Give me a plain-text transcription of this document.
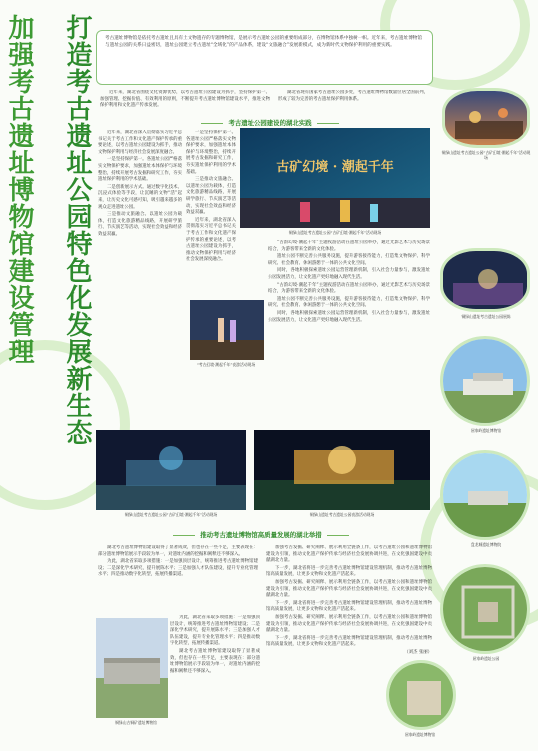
打造考古遗址公园特色化发展新生态
加强考古遗址博物馆建设管理	考古遗址博物馆是依托考古遗址且具有土文物遗存的专题博物馆，是展示考古遗址公园的重要组成部分，在博物馆体系中独树一帜。近年来，考古遗址博物馆与遗址公园的关系日益密切，遗址公园建立考古遗址“全域化”的产品体系，建设“文旅融合”发展新模式，成为新时代文物保护利用的重要实践。

近年来，湖北省围绕文化资源优势，以考古遗址公园建设为抓手，坚持保护第一、加强管理、挖掘价值、有效利用的原则，不断提升考古遗址博物馆建设水平，推进文物保护利用和文化遗产传承发展。

湖北省现有国家考古遗址公园多处，考古遗址博物馆数量位居全国前列，形成了较为完善的考古遗址保护利用体系。

铜绿山遗址考古遗址公园“古矿幻境·潮起千年”活动现场
考古遗址公园建设的湖北实践

近年来，湖北省深入贯彻落实习近平总书记关于考古工作和文化遗产保护传承的重要论述，以考古遗址公园建设为抓手，推动文物保护利用与经济社会发展深度融合。

一是坚持保护第一。各遗址公园严格落实文物保护要求，加强遗址本体保护与环境整治，持续开展考古发掘和研究工作，夯实遗址保护利用的学术基础。

二是创新展示方式。通过数字化技术、沉浸式体验等手段，让沉睡的文物“活”起来，让历史文化可感可知，吸引越来越多的观众走进遗址公园。

三是推动文旅融合。以遗址公园为载体，打造文化旅游精品线路，开展研学旅行、节庆演艺等活动，实现社会效益和经济效益双赢。

一是坚持保护第一。各遗址公园严格落实文物保护要求，加强遗址本体保护与环境整治，持续开展考古发掘和研究工作，夯实遗址保护利用的学术基础。

三是推动文旅融合。以遗址公园为载体，打造文化旅游精品线路，开展研学旅行、节庆演艺等活动，实现社会效益和经济效益双赢。

近年来，湖北省深入贯彻落实习近平总书记关于考古工作和文化遗产保护传承的重要论述，以考古遗址公园建设为抓手，推动文物保护利用与经济社会发展深度融合。

古矿幻境 · 潮起千年
铜绿山遗址考古遗址公园“古矿幻境·潮起千年”活动现场
铜绿山遗址考古遗址公园展陈

“古韵幻境·潮起千年”主题夜游活动在遗址公园举办，通过光影艺术与历史场景结合，为游客带来全新的文化体验。

遗址公园不断完善公共服务设施，提升游客接待能力，打造集文物保护、科学研究、社会教育、休闲游憩于一体的公共文化空间。

同时，各地积极探索遗址公园运营管理新机制，引入社会力量参与，激发遗址公园发展活力，让文化遗产更好地融入现代生活。

“古韵幻境·潮起千年”主题夜游活动在遗址公园举办，通过光影艺术与历史场景结合，为游客带来全新的文化体验。

遗址公园不断完善公共服务设施，提升游客接待能力，打造集文物保护、科学研究、社会教育、休闲游憩于一体的公共文化空间。

同时，各地积极探索遗址公园运营管理新机制，引入社会力量参与，激发遗址公园发展活力，让文化遗产更好地融入现代生活。

“考古幻境·潮起千年”夜游活动现场
屈家岭遗址博物馆
铜绿山遗址考古遗址公园“古矿幻境·潮起千年”活动现场	铜绿山遗址考古遗址公园夜游活动现场
盘龙城遗址博物院
推动考古遗址博物馆高质量发展的湖北举措

湖北考古遗址博物馆建设取得了显著成效，但也存在一些不足，主要表现在：部分遗址博物馆展示手段较为单一，对遗址内涵的挖掘和阐释还不够深入。

为此，湖北省采取多项措施：一是加强顶层设计，统筹推进考古遗址博物馆建设；二是深化学术研究，提升展陈水平；三是加强人才队伍建设，提升专业化管理水平；四是推动数字化转型，拓展传播渠道。

为此，湖北省采取多项措施：一是加强顶层设计，统筹推进考古遗址博物馆建设；二是深化学术研究，提升展陈水平；三是加强人才队伍建设，提升专业化管理水平；四是推动数字化转型，拓展传播渠道。

湖北考古遗址博物馆建设取得了显著成效，但也存在一些不足，主要表现在：部分遗址博物馆展示手段较为单一，对遗址内涵的挖掘和阐释还不够深入。

加强考古发掘、研究阐释、展示利用全链条工作，以考古遗址公园和遗址博物馆建设为引领，推动文化遗产保护传承与经济社会发展协调共进，在文化强国建设中贡献湖北力量。

下一步，湖北省将进一步完善考古遗址博物馆建设管理机制，推动考古遗址博物馆高质量发展，让更多文物和文化遗产活起来。

加强考古发掘、研究阐释、展示利用全链条工作，以考古遗址公园和遗址博物馆建设为引领，推动文化遗产保护传承与经济社会发展协调共进，在文化强国建设中贡献湖北力量。

下一步，湖北省将进一步完善考古遗址博物馆建设管理机制，推动考古遗址博物馆高质量发展，让更多文物和文化遗产活起来。

加强考古发掘、研究阐释、展示利用全链条工作，以考古遗址公园和遗址博物馆建设为引领，推动文化遗产保护传承与经济社会发展协调共进，在文化强国建设中贡献湖北力量。

下一步，湖北省将进一步完善考古遗址博物馆建设管理机制，推动考古遗址博物馆高质量发展，让更多文物和文化遗产活起来。

（刘杰 张丽）
铜绿山古铜矿遗址博物馆
屈家岭遗址公园
屈家岭遗址博物馆
